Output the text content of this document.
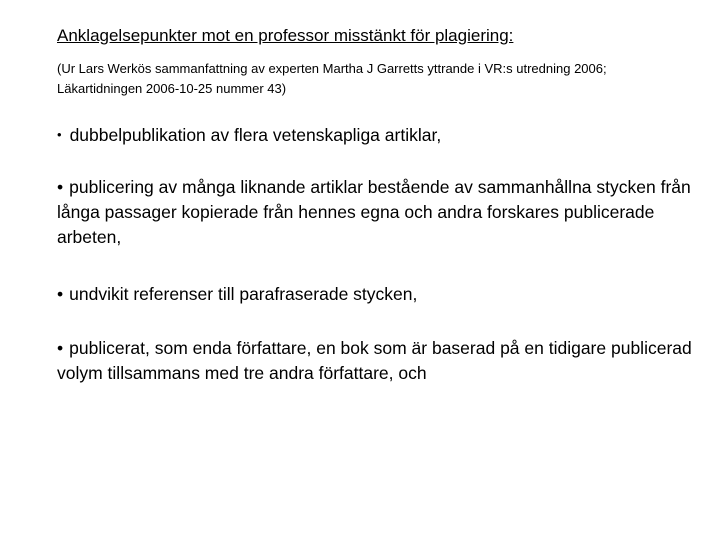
Anklagelsepunkter mot en professor misstänkt för plagiering:
(Ur Lars Werkös sammanfattning av experten Martha J Garretts yttrande i VR:s utredning 2006; Läkartidningen 2006-10-25 nummer 43)
• dubbelpublikation av flera vetenskapliga artiklar,
• publicering av många liknande artiklar bestående av sammanhållna stycken från långa passager kopierade från hennes egna och andra forskares publicerade arbeten,
• undvikit referenser till parafraserade stycken,
• publicerat, som enda författare, en bok som är baserad på en tidigare publicerad volym tillsammans med tre andra författare, och
